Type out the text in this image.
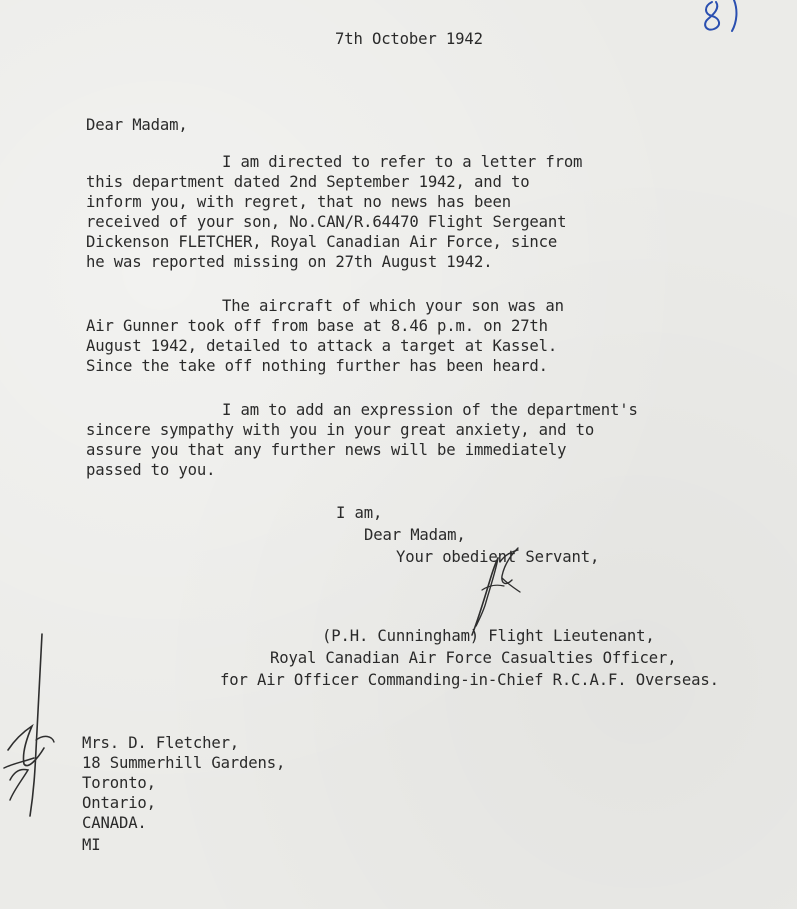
7th October 1942
Dear Madam,
I am directed to refer to a letter from
this department dated 2nd September 1942, and to
inform you, with regret, that no news has been
received of your son, No.CAN/R.64470 Flight Sergeant
Dickenson FLETCHER, Royal Canadian Air Force, since
he was reported missing on 27th August 1942.
The aircraft of which your son was an
Air Gunner took off from base at 8.46 p.m. on 27th
August 1942, detailed to attack a target at Kassel.
Since the take off nothing further has been heard.
I am to add an expression of the department's
sincere sympathy with you in your great anxiety, and to
assure you that any further news will be immediately
passed to you.
I am,
Dear Madam,
Your obedient Servant,
(P.H. Cunningham) Flight Lieutenant,
Royal Canadian Air Force Casualties Officer,
for Air Officer Commanding-in-Chief R.C.A.F. Overseas.
Mrs. D. Fletcher,
18 Summerhill Gardens,
Toronto,
Ontario,
CANADA.
MI
